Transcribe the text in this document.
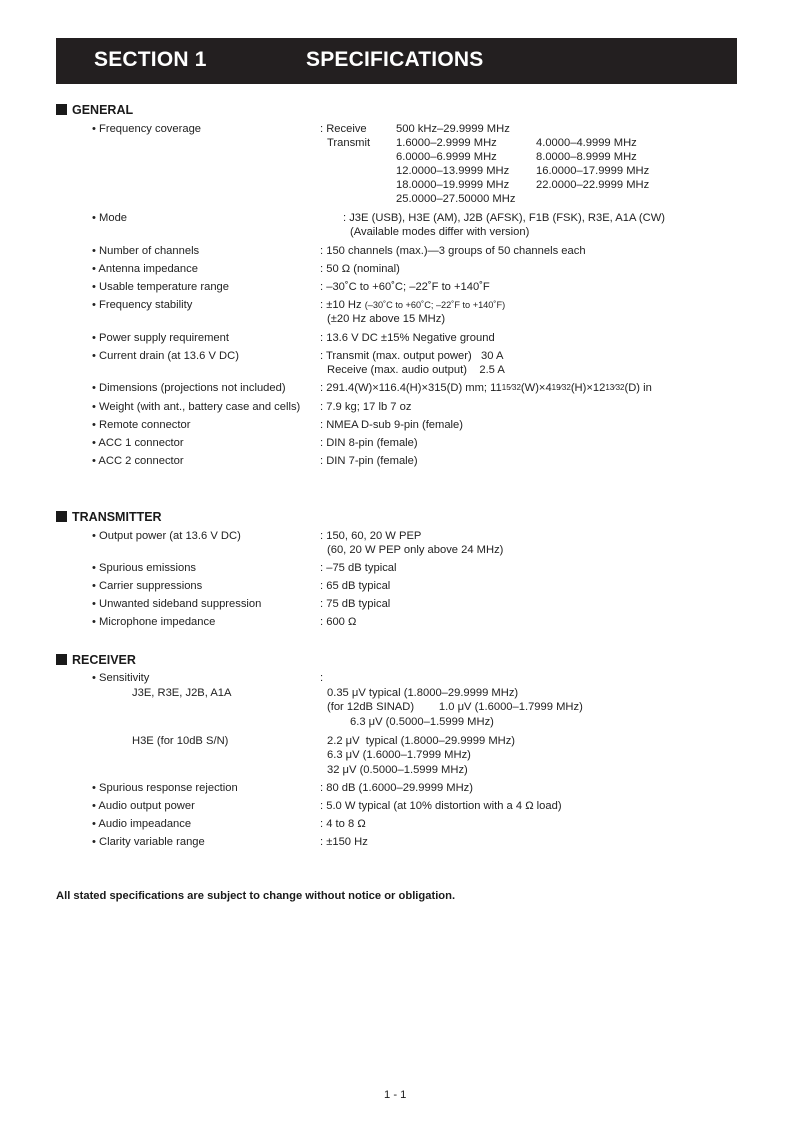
SECTION 1	SPECIFICATIONS
GENERAL
• Frequency coverage	: Receive	500 kHz–29.9999 MHz
Transmit 1.6000–2.9999 MHz	4.0000–4.9999 MHz
6.0000–6.9999 MHz	8.0000–8.9999 MHz
12.0000–13.9999 MHz 16.0000–17.9999 MHz
18.0000–19.9999 MHz 22.0000–22.9999 MHz
25.0000–27.50000 MHz
• Mode	: J3E (USB), H3E (AM), J2B (AFSK), F1B (FSK), R3E, A1A (CW)
(Available modes differ with version)
• Number of channels	: 150 channels (max.)—3 groups of 50 channels each
• Antenna impedance	: 50 Ω (nominal)
• Usable temperature range	: –30˚C to +60˚C; –22˚F to +140˚F
• Frequency stability	: ±10 Hz (–30˚C to +60˚C; –22˚F to +140˚F)
(±20 Hz above 15 MHz)
• Power supply requirement	: 13.6 V DC ±15% Negative ground
• Current drain (at 13.6 V DC)	: Transmit (max. output power)   30 A
Receive (max. audio output)    2.5 A
• Dimensions (projections not included)	: 291.4(W)×116.4(H)×315(D) mm; 1115⁄32(W)×419⁄32(H)×1213⁄32(D) in
• Weight (with ant., battery case and cells) : 7.9 kg; 17 lb 7 oz
• Remote connector	: NMEA D-sub 9-pin (female)
• ACC 1 connector	: DIN 8-pin (female)
• ACC 2 connector	: DIN 7-pin (female)
TRANSMITTER
• Output power (at 13.6 V DC)	: 150, 60, 20 W PEP
(60, 20 W PEP only above 24 MHz)
• Spurious emissions	: –75 dB typical
• Carrier suppressions	: 65 dB typical
• Unwanted sideband suppression	: 75 dB typical
• Microphone impedance	: 600 Ω
RECEIVER
• Sensitivity	:
J3E, R3E, J2B, A1A	0.35 μV typical (1.8000–29.9999 MHz)
(for 12dB SINAD)        1.0 μV (1.6000–1.7999 MHz)
6.3 μV (0.5000–1.5999 MHz)
H3E (for 10dB S/N)	2.2 μV  typical (1.8000–29.9999 MHz)
6.3 μV (1.6000–1.7999 MHz)
32 μV (0.5000–1.5999 MHz)
• Spurious response rejection	: 80 dB (1.6000–29.9999 MHz)
• Audio output power	: 5.0 W typical (at 10% distortion with a 4 Ω load)
• Audio impeadance	: 4 to 8 Ω
• Clarity variable range	: ±150 Hz
All stated specifications are subject to change without notice or obligation.
1 - 1
